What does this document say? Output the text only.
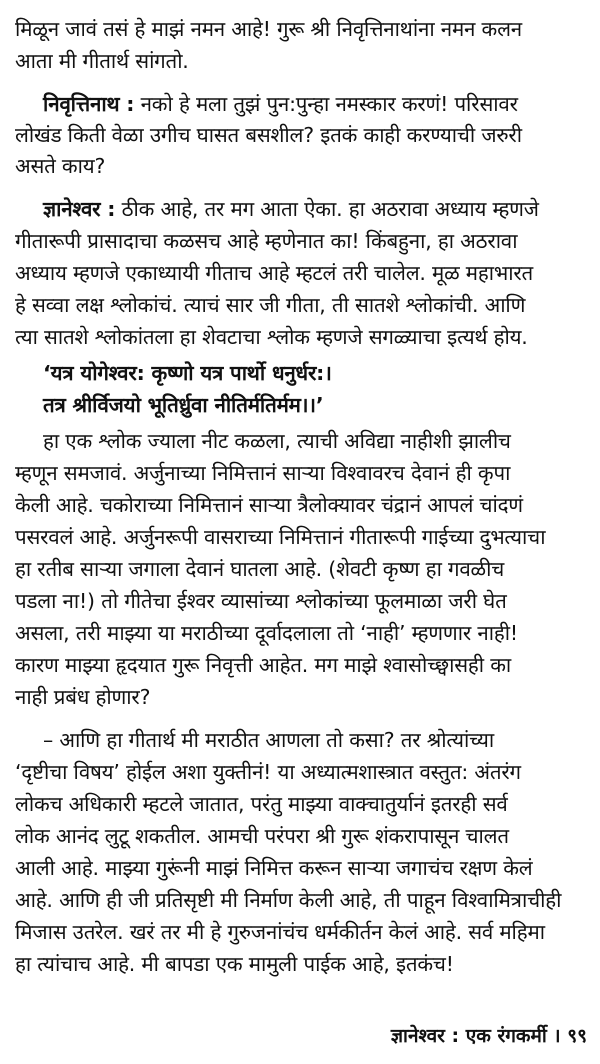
मिळून जावं तसं हे माझं नमन आहे! गुरू श्री निवृत्तिनाथांना नमन कलन
आता मी गीतार्थ सांगतो.
निवृत्तिनाथ : नको हे मला तुझं पुन:पुन्हा नमस्कार करणं! परिसावर
लोखंड किती वेळा उगीच घासत बसशील? इतकं काही करण्याची जरुरी
असते काय?
ज्ञानेश्वर : ठीक आहे, तर मग आता ऐका. हा अठरावा अध्याय म्हणजे
गीतारूपी प्रासादाचा कळसच आहे म्हणेनात का! किंबहुना, हा अठरावा
अध्याय म्हणजे एकाध्यायी गीताच आहे म्हटलं तरी चालेल. मूळ महाभारत
हे सव्वा लक्ष श्लोकांचं. त्याचं सार जी गीता, ती सातशे श्लोकांची. आणि
त्या सातशे श्लोकांतला हा शेवटाचा श्लोक म्हणजे सगळ्याचा इत्यर्थ होय.
‘यत्र योगेश्वर: कृष्णो यत्र पार्थो धनुर्धर:।
तत्र श्रीर्विजयो भूतिर्ध्रुवा नीतिर्मतिर्मम।।’
हा एक श्लोक ज्याला नीट कळला, त्याची अविद्या नाहीशी झालीच
म्हणून समजावं. अर्जुनाच्या निमित्तानं साऱ्या विश्वावरच देवानं ही कृपा
केली आहे. चकोराच्या निमित्तानं साऱ्या त्रैलोक्यावर चंद्रानं आपलं चांदणं
पसरवलं आहे. अर्जुनरूपी वासराच्या निमित्तानं गीतारूपी गाईच्या दुभत्याचा
हा रतीब साऱ्या जगाला देवानं घातला आहे. (शेवटी कृष्ण हा गवळीच
पडला ना!) तो गीतेचा ईश्वर व्यासांच्या श्लोकांच्या फूलमाळा जरी घेत
असला, तरी माझ्या या मराठीच्या दूर्वादलाला तो ‘नाही’ म्हणणार नाही!
कारण माझ्या हृदयात गुरू निवृत्ती आहेत. मग माझे श्वासोच्छ्वासही का
नाही प्रबंध होणार?
– आणि हा गीतार्थ मी मराठीत आणला तो कसा? तर श्रोत्यांच्या
‘दृष्टीचा विषय’ होईल अशा युक्तीनं! या अध्यात्मशास्त्रात वस्तुत: अंतरंग
लोकच अधिकारी म्हटले जातात, परंतु माझ्या वाक्चातुर्यानं इतरही सर्व
लोक आनंद लुटू शकतील. आमची परंपरा श्री गुरू शंकरापासून चालत
आली आहे. माझ्या गुरूंनी माझं निमित्त करून साऱ्या जगाचंच रक्षण केलं
आहे. आणि ही जी प्रतिसृष्टी मी निर्माण केली आहे, ती पाहून विश्वामित्राचीही
मिजास उतरेल. खरं तर मी हे गुरुजनांचंच धर्मकीर्तन केलं आहे. सर्व महिमा
हा त्यांचाच आहे. मी बापडा एक मामुली पाईक आहे, इतकंच!
ज्ञानेश्वर : एक रंगकर्मी । ९९
